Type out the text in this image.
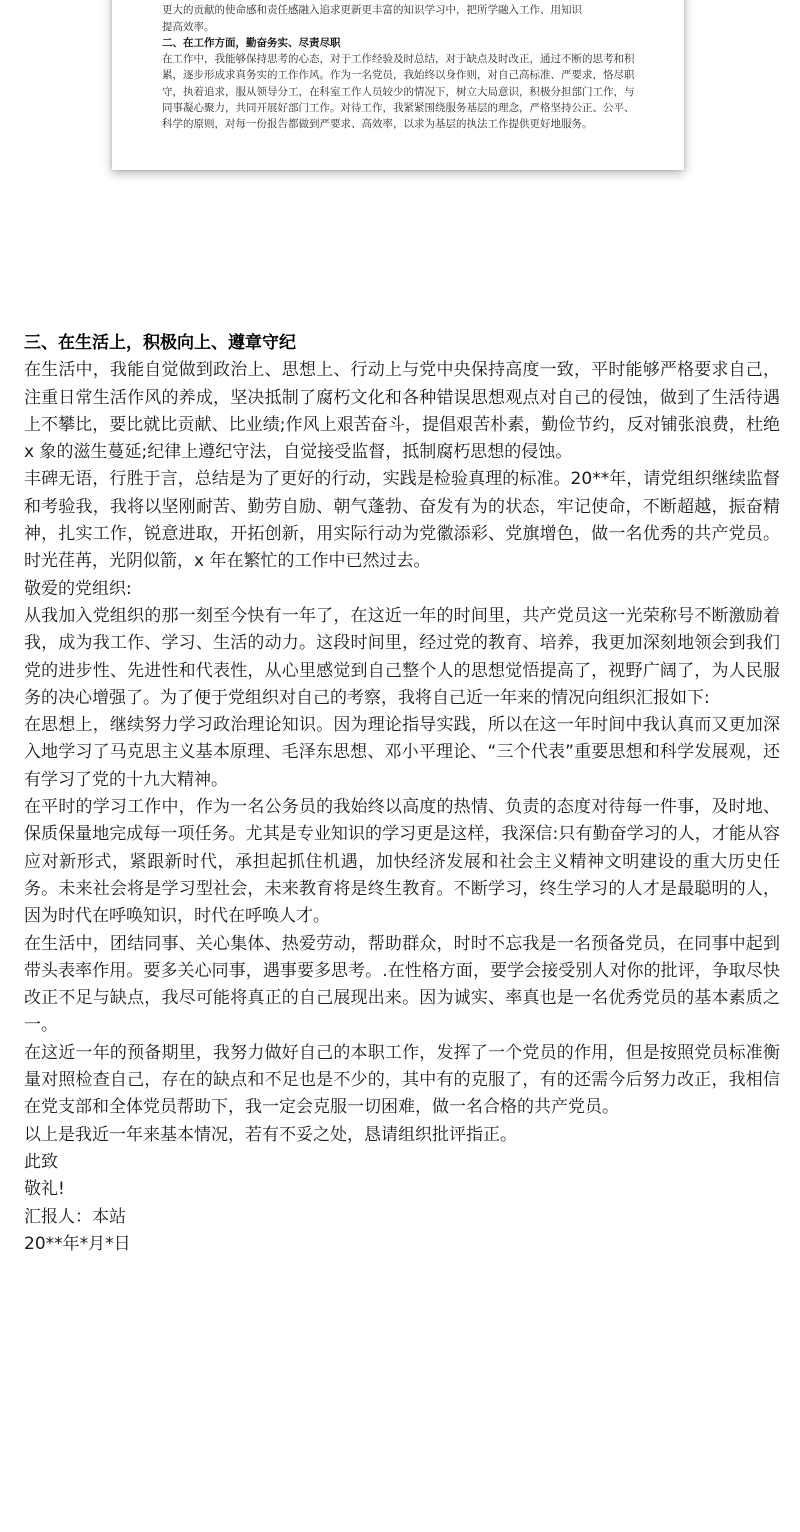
更大的贡献的使命感和责任感融入追求更新更丰富的知识学习中，把所学融入工作、用知识

提高效率。

二、在工作方面，勤奋务实、尽责尽职

在工作中，我能够保持思考的心态，对于工作经验及时总结，对于缺点及时改正，通过不断的思考和积累，逐步形成求真务实的工作作风。作为一名党员，我始终以身作则，对自己高标准、严要求，恪尽职守，执着追求，服从领导分工，在科室工作人员较少的情况下，树立大局意识，积极分担部门工作，与同事凝心聚力，共同开展好部门工作。对待工作，我紧紧围绕服务基层的理念，严格坚持公正、公平、科学的原则，对每一份报告都做到严要求、高效率，以求为基层的执法工作提供更好地服务。

三、在生活上，积极向上、遵章守纪

在生活中，我能自觉做到政治上、思想上、行动上与党中央保持高度一致，平时能够严格要求自己，注重日常生活作风的养成，坚决抵制了腐朽文化和各种错误思想观点对自己的侵蚀，做到了生活待遇上不攀比，要比就比贡献、比业绩;作风上艰苦奋斗，提倡艰苦朴素，勤俭节约，反对铺张浪费，杜绝 x 象的滋生蔓延;纪律上遵纪守法，自觉接受监督，抵制腐朽思想的侵蚀。

丰碑无语，行胜于言，总结是为了更好的行动，实践是检验真理的标准。20**年，请党组织继续监督和考验我，我将以坚刚耐苦、勤劳自励、朝气蓬勃、奋发有为的状态，牢记使命，不断超越，振奋精神，扎实工作，锐意进取，开拓创新，用实际行动为党徽添彩、党旗增色，做一名优秀的共产党员。时光荏苒，光阴似箭，x 年在繁忙的工作中已然过去。

敬爱的党组织:

从我加入党组织的那一刻至今快有一年了，在这近一年的时间里，共产党员这一光荣称号不断激励着我，成为我工作、学习、生活的动力。这段时间里，经过党的教育、培养，我更加深刻地领会到我们党的进步性、先进性和代表性，从心里感觉到自己整个人的思想觉悟提高了，视野广阔了，为人民服务的决心增强了。为了便于党组织对自己的考察，我将自己近一年来的情况向组织汇报如下:

在思想上，继续努力学习政治理论知识。因为理论指导实践，所以在这一年时间中我认真而又更加深入地学习了马克思主义基本原理、毛泽东思想、邓小平理论、“三个代表”重要思想和科学发展观，还有学习了党的十九大精神。

在平时的学习工作中，作为一名公务员的我始终以高度的热情、负责的态度对待每一件事，及时地、保质保量地完成每一项任务。尤其是专业知识的学习更是这样，我深信:只有勤奋学习的人，才能从容应对新形式，紧跟新时代，承担起抓住机遇，加快经济发展和社会主义精神文明建设的重大历史任务。未来社会将是学习型社会，未来教育将是终生教育。不断学习，终生学习的人才是最聪明的人，因为时代在呼唤知识，时代在呼唤人才。

在生活中，团结同事、关心集体、热爱劳动，帮助群众，时时不忘我是一名预备党员，在同事中起到带头表率作用。要多关心同事，遇事要多思考。.在性格方面，要学会接受别人对你的批评，争取尽快改正不足与缺点，我尽可能将真正的自己展现出来。因为诚实、率真也是一名优秀党员的基本素质之一。

在这近一年的预备期里，我努力做好自己的本职工作，发挥了一个党员的作用，但是按照党员标准衡量对照检查自己，存在的缺点和不足也是不少的，其中有的克服了，有的还需今后努力改正，我相信在党支部和全体党员帮助下，我一定会克服一切困难，做一名合格的共产党员。

以上是我近一年来基本情况，若有不妥之处，恳请组织批评指正。

此致

敬礼!

汇报人：本站

20**年*月*日
